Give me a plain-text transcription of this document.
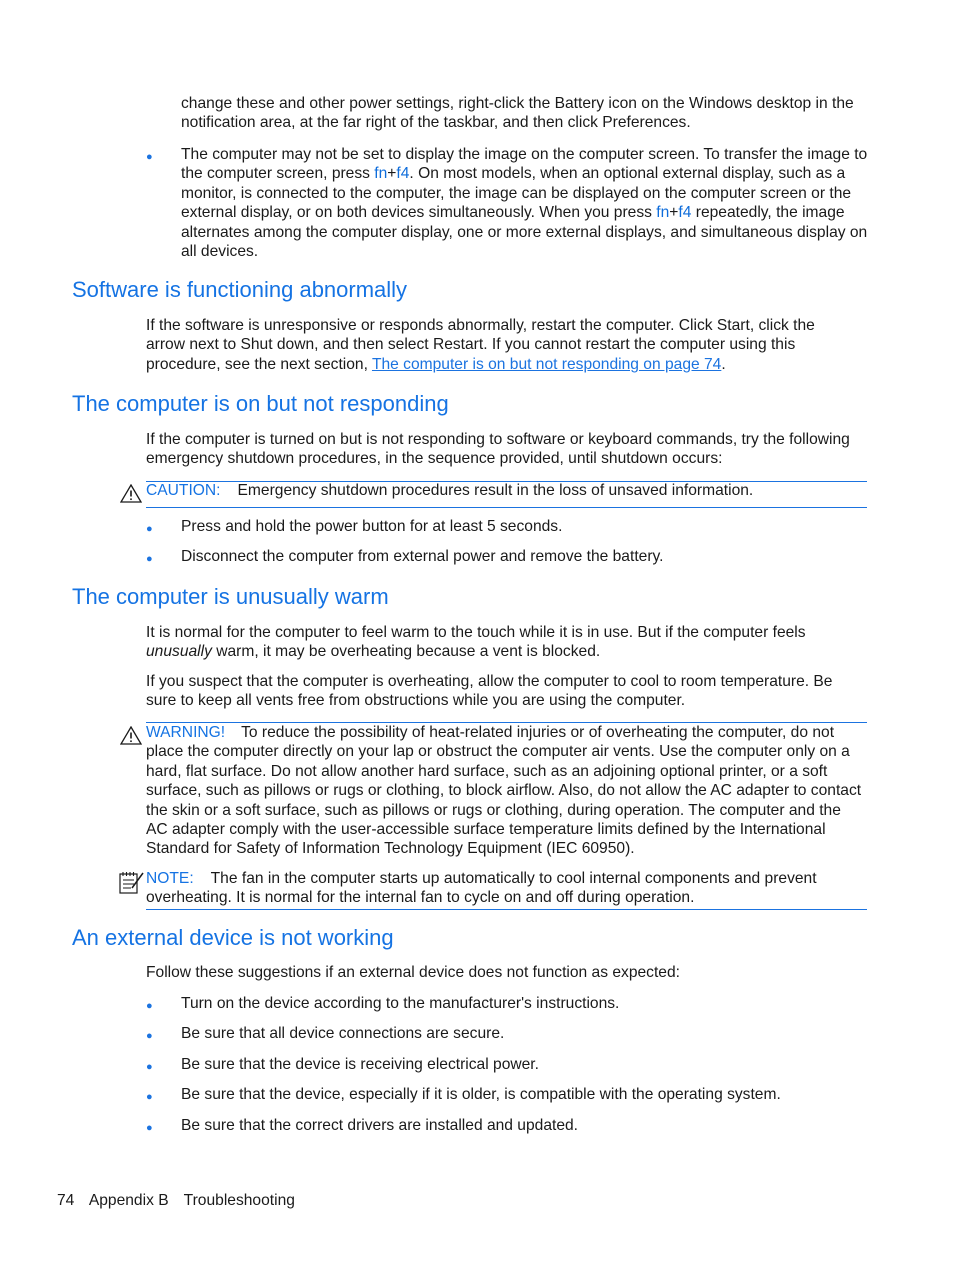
change these and other power settings, right-click the Battery icon on the Windows desktop in the notification area, at the far right of the taskbar, and then click Preferences.

● The computer may not be set to display the image on the computer screen. To transfer the image to the computer screen, press fn+f4. On most models, when an optional external display, such as a monitor, is connected to the computer, the image can be displayed on the computer screen or the external display, or on both devices simultaneously. When you press fn+f4 repeatedly, the image alternates among the computer display, one or more external displays, and simultaneous display on all devices.
Software is functioning abnormally

If the software is unresponsive or responds abnormally, restart the computer. Click Start, click the arrow next to Shut down, and then select Restart. If you cannot restart the computer using this procedure, see the next section, The computer is on but not responding on page 74.

The computer is on but not responding

If the computer is turned on but is not responding to software or keyboard commands, try the following emergency shutdown procedures, in the sequence provided, until shutdown occurs:

CAUTION: Emergency shutdown procedures result in the loss of unsaved information.
● Press and hold the power button for at least 5 seconds.
● Disconnect the computer from external power and remove the battery.
The computer is unusually warm

It is normal for the computer to feel warm to the touch while it is in use. But if the computer feels unusually warm, it may be overheating because a vent is blocked.

If you suspect that the computer is overheating, allow the computer to cool to room temperature. Be sure to keep all vents free from obstructions while you are using the computer.

WARNING! To reduce the possibility of heat-related injuries or of overheating the computer, do not place the computer directly on your lap or obstruct the computer air vents. Use the computer only on a hard, flat surface. Do not allow another hard surface, such as an adjoining optional printer, or a soft surface, such as pillows or rugs or clothing, to block airflow. Also, do not allow the AC adapter to contact the skin or a soft surface, such as pillows or rugs or clothing, during operation. The computer and the AC adapter comply with the user-accessible surface temperature limits defined by the International Standard for Safety of Information Technology Equipment (IEC 60950).
NOTE: The fan in the computer starts up automatically to cool internal components and prevent overheating. It is normal for the internal fan to cycle on and off during operation.
An external device is not working

Follow these suggestions if an external device does not function as expected:

● Turn on the device according to the manufacturer's instructions.
● Be sure that all device connections are secure.
● Be sure that the device is receiving electrical power.
● Be sure that the device, especially if it is older, is compatible with the operating system.
● Be sure that the correct drivers are installed and updated.
74 Appendix B Troubleshooting
